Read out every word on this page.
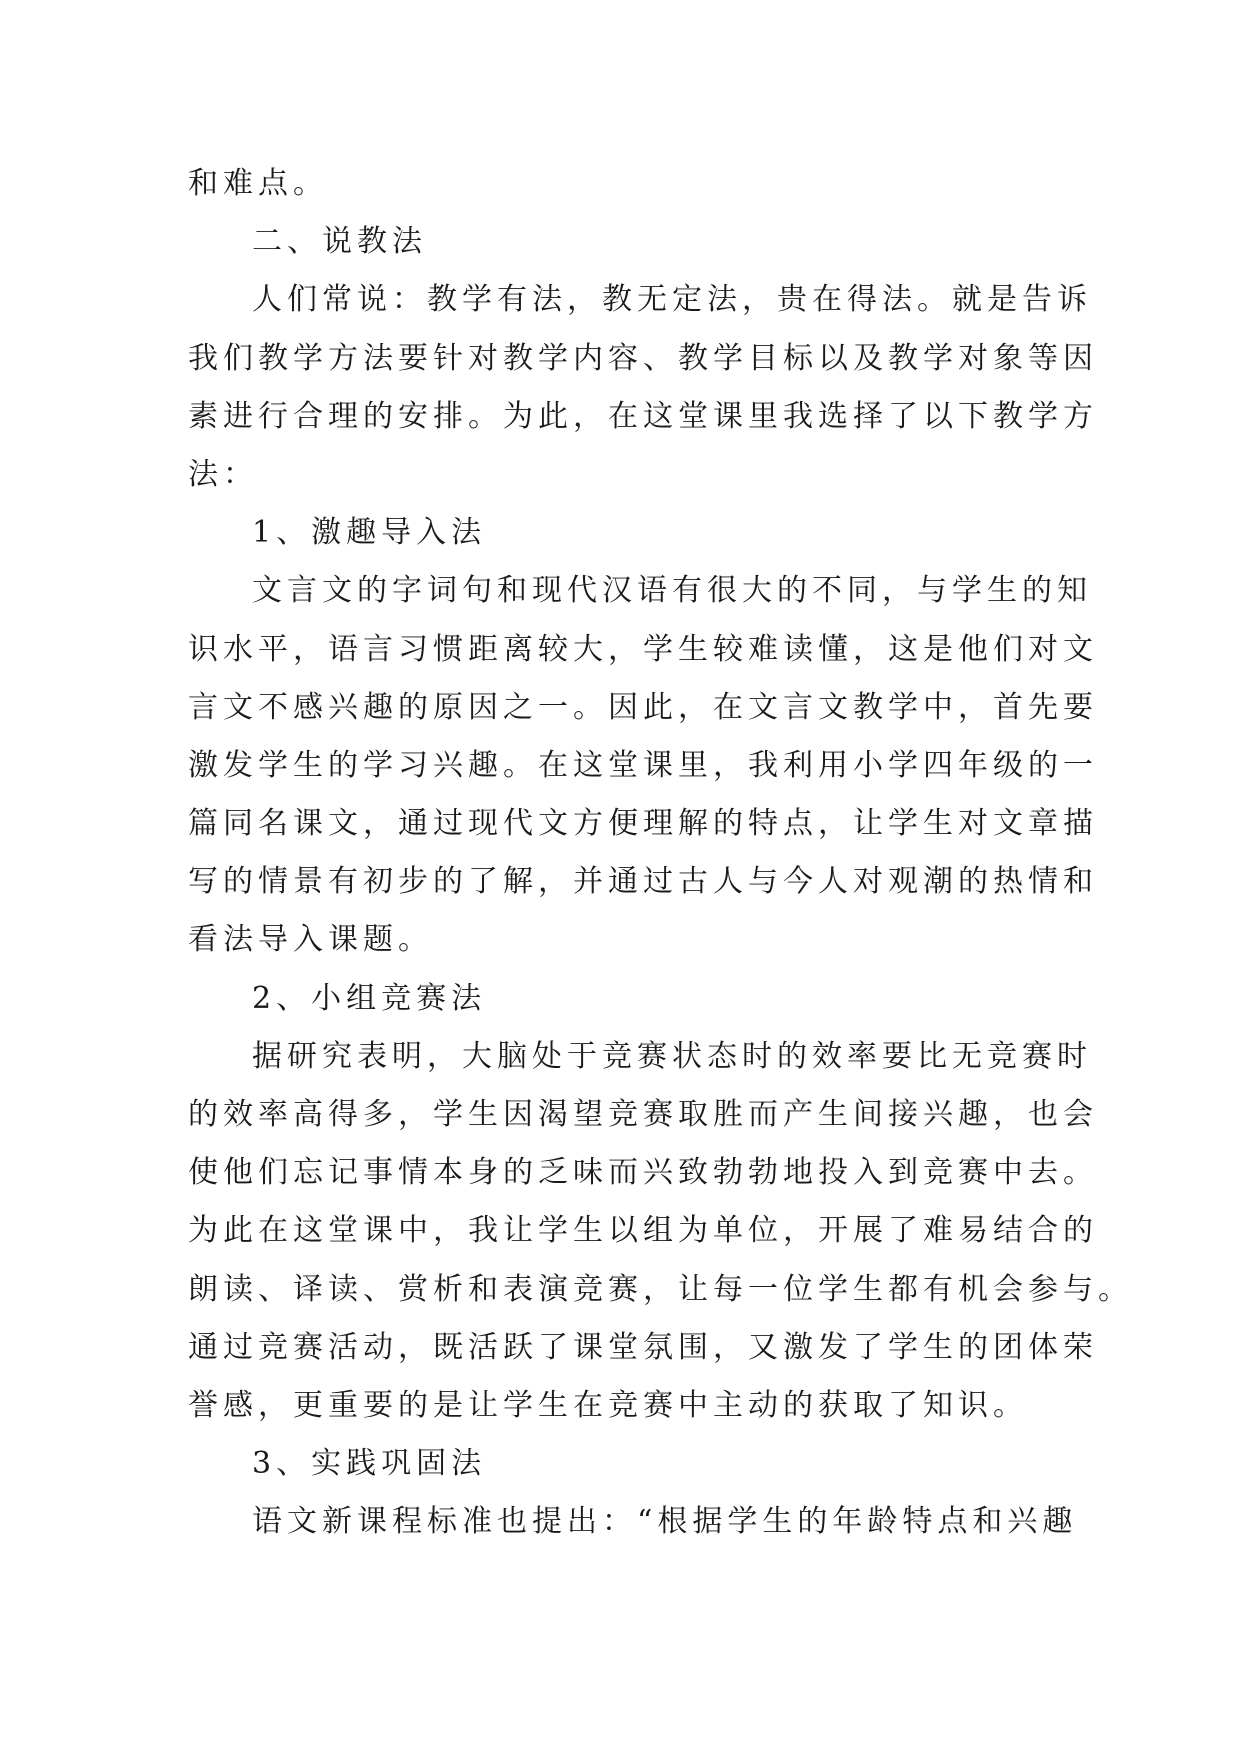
和难点。
二、说教法
人们常说：教学有法，教无定法，贵在得法。就是告诉
我们教学方法要针对教学内容、教学目标以及教学对象等因
素进行合理的安排。为此，在这堂课里我选择了以下教学方
法：
1、激趣导入法
文言文的字词句和现代汉语有很大的不同，与学生的知
识水平，语言习惯距离较大，学生较难读懂，这是他们对文
言文不感兴趣的原因之一。因此，在文言文教学中，首先要
激发学生的学习兴趣。在这堂课里，我利用小学四年级的一
篇同名课文，通过现代文方便理解的特点，让学生对文章描
写的情景有初步的了解，并通过古人与今人对观潮的热情和
看法导入课题。
2、小组竞赛法
据研究表明，大脑处于竞赛状态时的效率要比无竞赛时
的效率高得多，学生因渴望竞赛取胜而产生间接兴趣，也会
使他们忘记事情本身的乏味而兴致勃勃地投入到竞赛中去。
为此在这堂课中，我让学生以组为单位，开展了难易结合的
朗读、译读、赏析和表演竞赛，让每一位学生都有机会参与。
通过竞赛活动，既活跃了课堂氛围，又激发了学生的团体荣
誉感，更重要的是让学生在竞赛中主动的获取了知识。
3、实践巩固法
语文新课程标准也提出：“根据学生的年龄特点和兴趣
